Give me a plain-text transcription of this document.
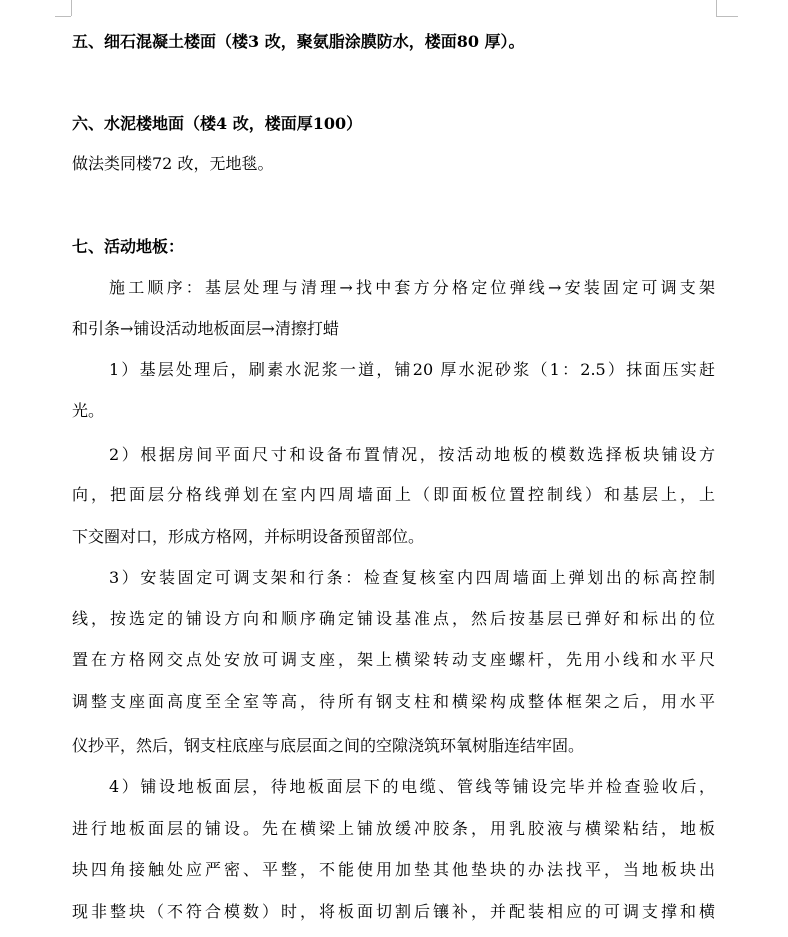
五、细石混凝土楼面（楼3 改，聚氨脂涂膜防水，楼面80 厚）。
六、水泥楼地面（楼4 改，楼面厚100）
做法类同楼72 改，无地毯。
七、活动地板：
施工顺序：基层处理与清理→找中套方分格定位弹线→安装固定可调支架
和引条→铺设活动地板面层→清擦打蜡
1）基层处理后，刷素水泥浆一道，铺20 厚水泥砂浆（1：2.5）抹面压实赶
光。
2）根据房间平面尺寸和设备布置情况，按活动地板的模数选择板块铺设方
向，把面层分格线弹划在室内四周墙面上（即面板位置控制线）和基层上，上
下交圈对口，形成方格网，并标明设备预留部位。
3）安装固定可调支架和行条：检查复核室内四周墙面上弹划出的标高控制
线，按选定的铺设方向和顺序确定铺设基准点，然后按基层已弹好和标出的位
置在方格网交点处安放可调支座，架上横梁转动支座螺杆，先用小线和水平尺
调整支座面高度至全室等高，待所有钢支柱和横梁构成整体框架之后，用水平
仪抄平，然后，钢支柱底座与底层面之间的空隙浇筑环氧树脂连结牢固。
4）铺设地板面层，待地板面层下的电缆、管线等铺设完毕并检查验收后，
进行地板面层的铺设。先在横梁上铺放缓冲胶条，用乳胶液与横梁粘结，地板
块四角接触处应严密、平整，不能使用加垫其他垫块的办法找平，当地板块出
现非整块（不符合模数）时，将板面切割后镶补，并配装相应的可调支撑和横
